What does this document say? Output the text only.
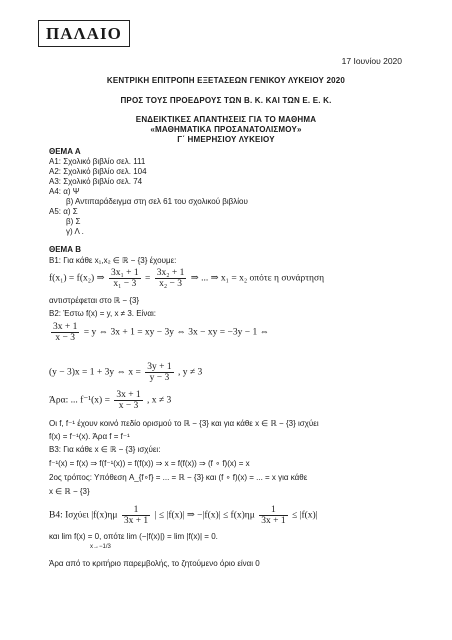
ΠΑΛΑΙΟ
17 Ιουνίου 2020
ΚΕΝΤΡΙΚΗ ΕΠΙΤΡΟΠΗ ΕΞΕΤΑΣΕΩΝ ΓΕΝΙΚΟΥ ΛΥΚΕΙΟΥ 2020
ΠΡΟΣ ΤΟΥΣ ΠΡΟΕΔΡΟΥΣ ΤΩΝ Β. Κ. ΚΑΙ ΤΩΝ Ε. Ε. Κ.
ΕΝΔΕΙΚΤΙΚΕΣ ΑΠΑΝΤΗΣΕΙΣ ΓΙΑ ΤΟ ΜΑΘΗΜΑ
«ΜΑΘΗΜΑΤΙΚΑ ΠΡΟΣΑΝΑΤΟΛΙΣΜΟΥ»
Γ΄ ΗΜΕΡΗΣΙΟΥ ΛΥΚΕΙΟΥ
ΘΕΜΑ Α
Α1: Σχολικό βιβλίο σελ. 111
Α2: Σχολικό βιβλίο σελ. 104
Α3: Σχολικό βιβλίο σελ. 74
Α4: α) Ψ
β) Αντιπαράδειγμα στη σελ 61 του σχολικού βιβλίου
Α5: α) Σ
β) Σ
γ) Λ .
ΘΕΜΑ Β
Β1: Για κάθε x₁,x₂ ∈ ℝ − {3} έχουμε:
f(x₁) = f(x₂) ⇒ $\frac{\text{3x₁ + 1}}{\text{x₁ − 3}} = \frac{\text{3x₂ + 1}}{\text{x₂ − 3}}$ ⇒ ... ⇒ x₁ = x₂ οπότε η συνάρτηση
αντιστρέφεται στο ℝ − {3}
Β2: Έστω f(x) = y, x ≠ 3. Είναι:
$\frac{3x + 1}{x - 3} = y$ ⇔ 3x + 1 = xy − 3y ⇔ 3x − xy = −3y − 1 ⇔
(y − 3)x = 1 + 3y ⇔ $x = \frac{3y + 1}{y - 3}$ , y ≠ 3
Άρα: ... $f^{-1}(x) = \frac{3x + 1}{x - 3}$ , x ≠ 3
Οι f, f⁻¹ έχουν κοινό πεδίο ορισμού το ℝ − {3} και για κάθε x ∈ ℝ − {3} ισχύει
f(x) = f⁻¹(x). Άρα f = f⁻¹
Β3: Για κάθε x ∈ ℝ − {3} ισχύει:
f⁻¹(x) = f(x) ⇒ f(f⁻¹(x)) = f(f(x)) ⇒ x = f(f(x)) ⇒ (f ∘ f)(x) = x
2ος τρόπος: Υπόθεση A_{f∘f} = ... = ℝ − {3} και (f ∘ f)(x) = ... = x για κάθε
x ∈ ℝ − {3}
Β4: Ισχύει $|f(x)\eta\mu \frac{1}{3x + 1}$ | ≤ |f(x)| ⇒ $-|f(x)| \le f(x)\eta\mu \frac{1}{3x + 1} \le |f(x)|$
και lim f(x) = 0, οπότε lim (−|f(x)|) = lim |f(x)| = 0.
x→−1/3
Άρα από το κριτήριο παρεμβολής, το ζητούμενο όριο είναι 0
